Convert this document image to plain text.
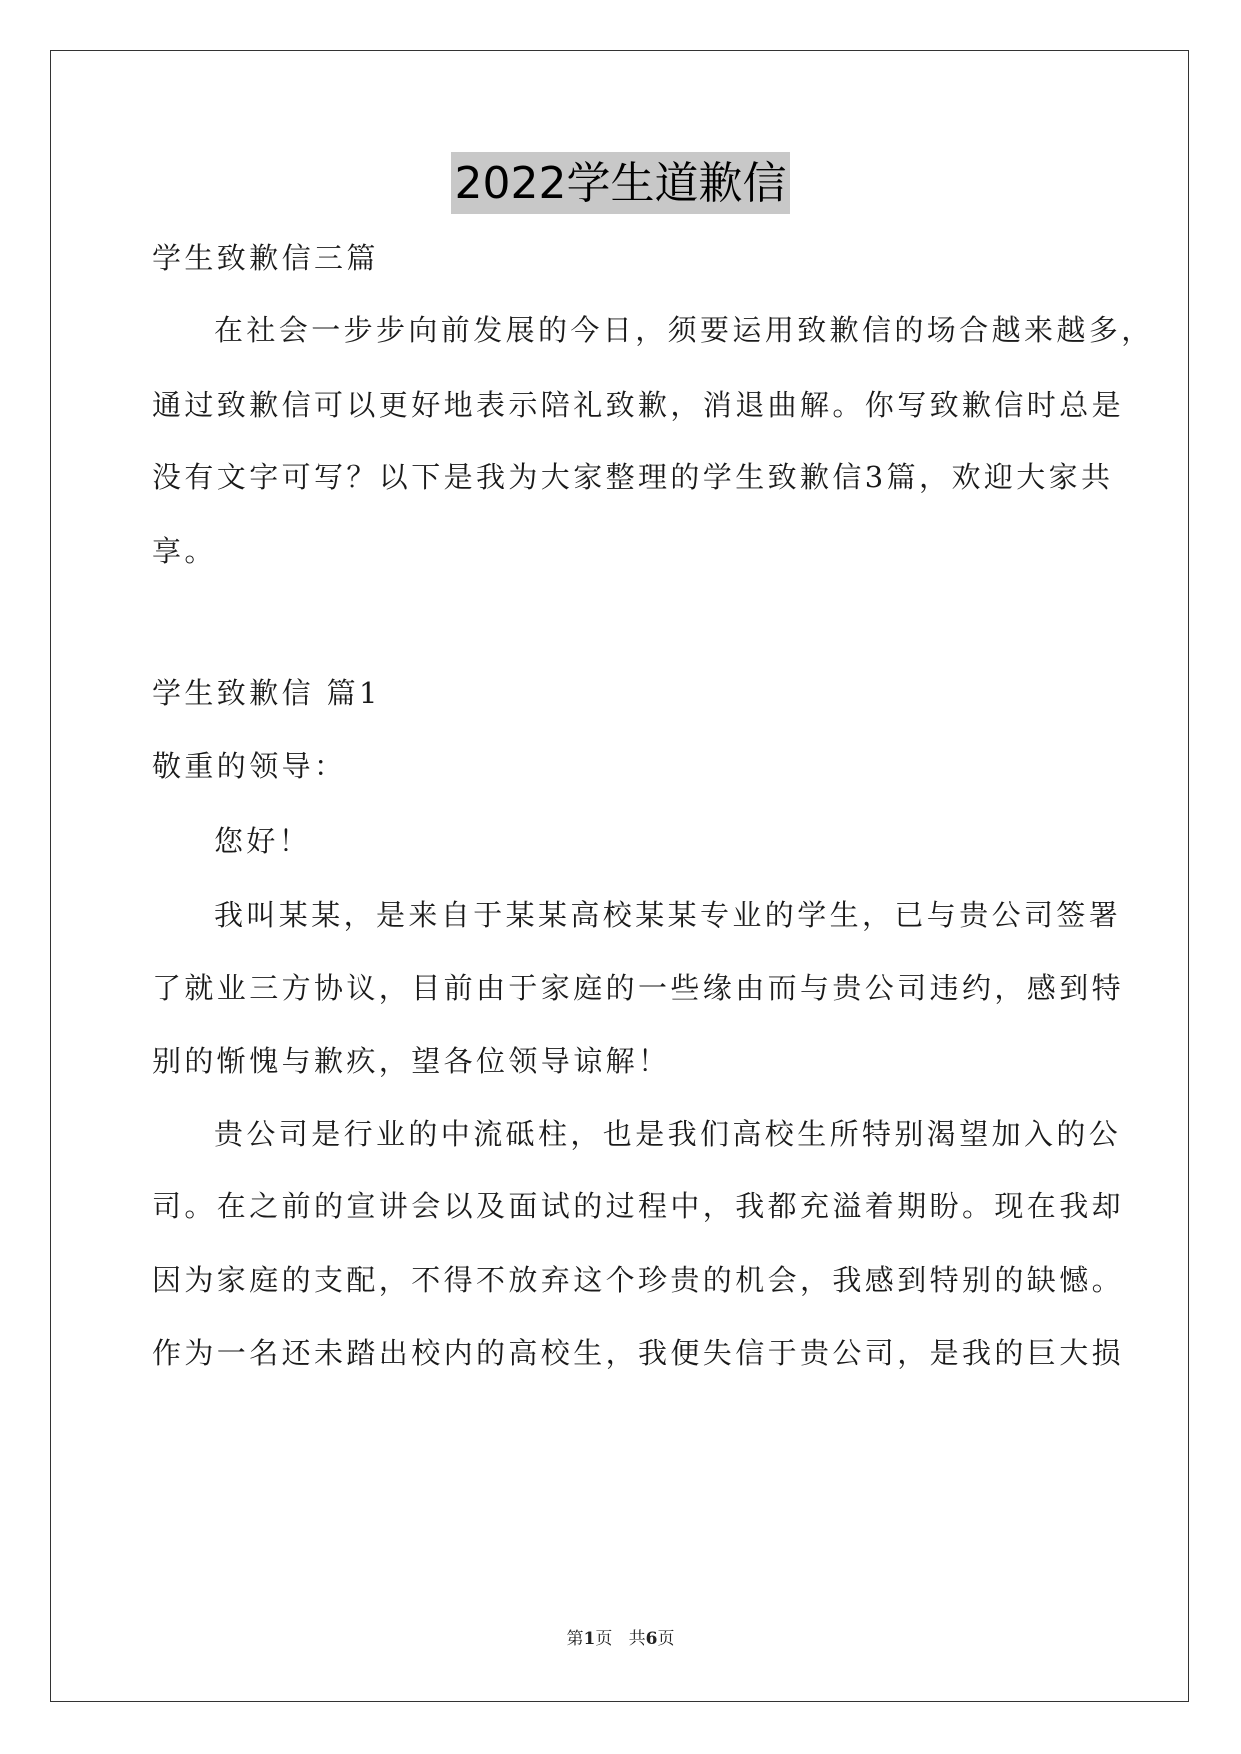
2022学生道歉信
学生致歉信三篇
在社会一步步向前发展的今日，须要运用致歉信的场合越来越多，
通过致歉信可以更好地表示陪礼致歉，消退曲解。你写致歉信时总是
没有文字可写？以下是我为大家整理的学生致歉信3篇，欢迎大家共
享。
学生致歉信 篇1
敬重的领导：
您好！
我叫某某，是来自于某某高校某某专业的学生，已与贵公司签署
了就业三方协议，目前由于家庭的一些缘由而与贵公司违约，感到特
别的惭愧与歉疚，望各位领导谅解！
贵公司是行业的中流砥柱，也是我们高校生所特别渴望加入的公
司。在之前的宣讲会以及面试的过程中，我都充溢着期盼。现在我却
因为家庭的支配，不得不放弃这个珍贵的机会，我感到特别的缺憾。
作为一名还未踏出校内的高校生，我便失信于贵公司，是我的巨大损
第1页 共6页
